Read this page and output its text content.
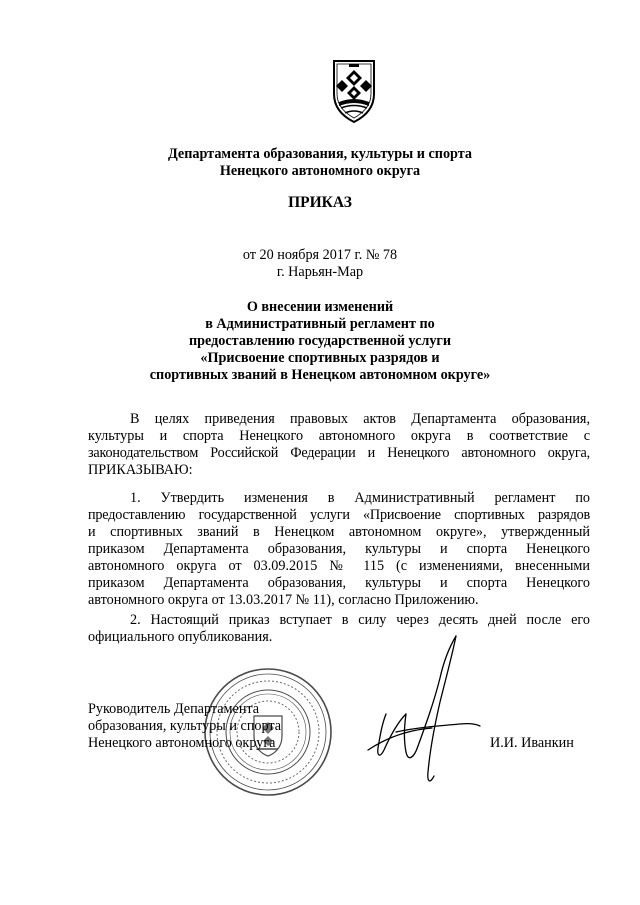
Департамента образования, культуры и спорта
Ненецкого автономного округа
ПРИКАЗ
от 20 ноября 2017 г. № 78
г. Нарьян-Мар
О внесении изменений
в Административный регламент по
предоставлению государственной услуги
«Присвоение спортивных разрядов и
спортивных званий в Ненецком автономном округе»
В целях приведения правовых актов Департамента образования,
культуры и спорта Ненецкого автономного округа в соответствие с
законодательством Российской Федерации и Ненецкого автономного округа,
ПРИКАЗЫВАЮ:
1. Утвердить изменения в Административный регламент по
предоставлению государственной услуги «Присвоение спортивных разрядов
и спортивных званий в Ненецком автономном округе», утвержденный
приказом Департамента образования, культуры и спорта Ненецкого
автономного округа от 03.09.2015 № 115 (с изменениями, внесенными
приказом Департамента образования, культуры и спорта Ненецкого
автономного округа от 13.03.2017 № 11), согласно Приложению.
2. Настоящий приказ вступает в силу через десять дней после его
официального опубликования.
Руководитель Департамента
образования, культуры и спорта
Ненецкого автономного округа	И.И. Иванкин
